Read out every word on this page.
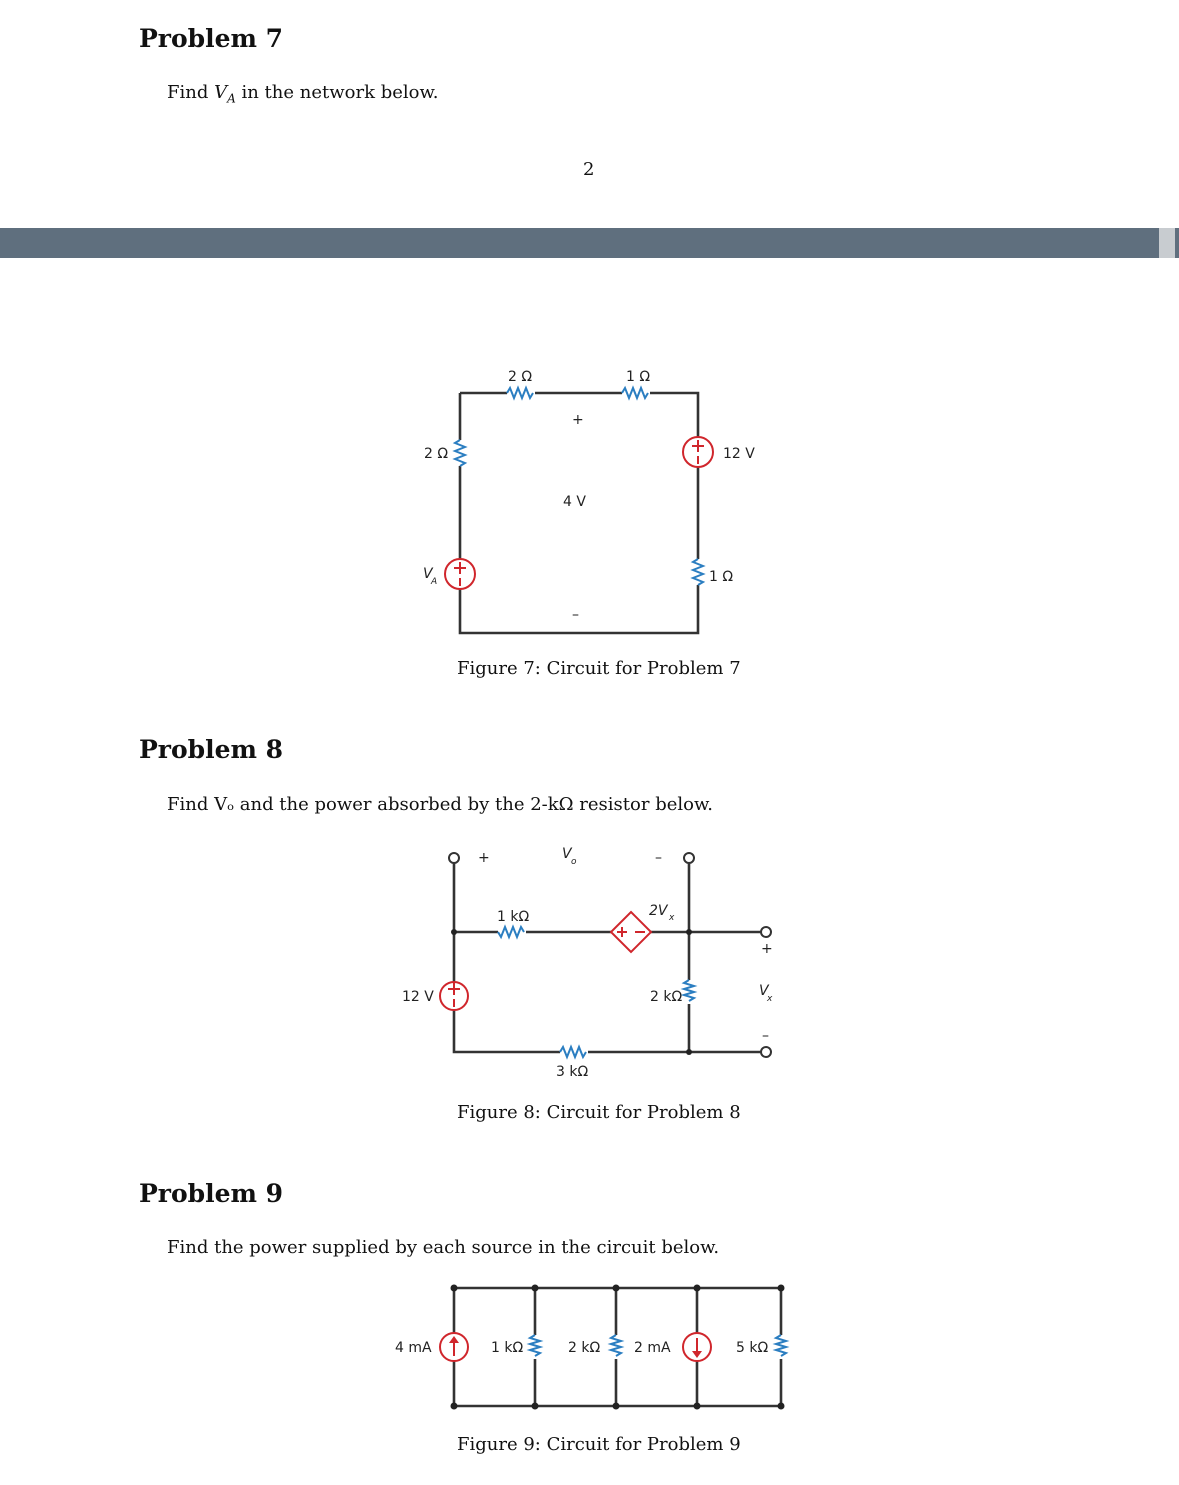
Problem 7
Find $V_A$ in the network below.
2
2 Ω	1 Ω
2 Ω
1 Ω
12 V
V
A
+
4 V
–
Figure 7: Circuit for Problem 7
Problem 8
Find Vₒ and the power absorbed by the 2-kΩ resistor below.
+	V o	–
1 kΩ	2V x
12 V	2 kΩ
3 kΩ
+
V
x
–
Figure 8: Circuit for Problem 8
Problem 9
Find the power supplied by each source in the circuit below.
4 mA	1 kΩ	2 kΩ 2 mA	5 kΩ
Figure 9: Circuit for Problem 9
